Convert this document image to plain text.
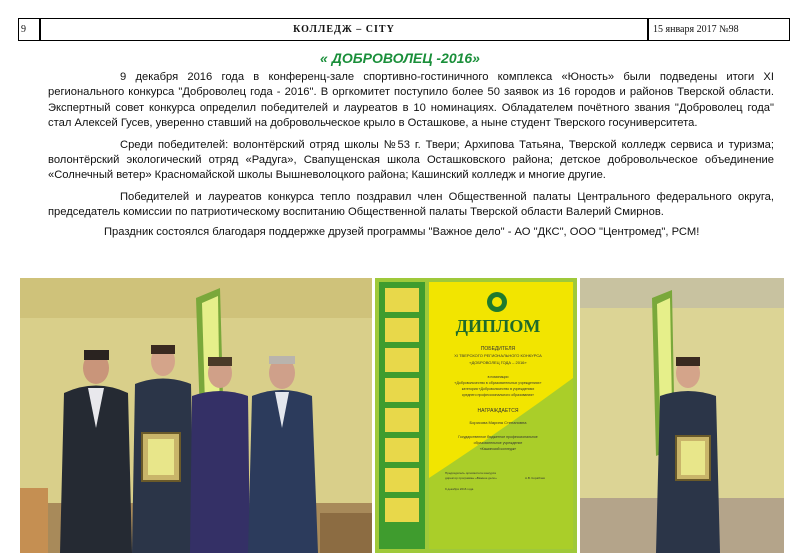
9	КОЛЛЕДЖ – CITY	15 января 2017 №98
« ДОБРОВОЛЕЦ -2016»

9 декабря 2016 года в конференц-зале спортивно-гостиничного комплекса «Юность» были подведены итоги XI регионального конкурса "Доброволец года - 2016". В оргкомитет поступило более 50 заявок из 16 городов и районов Тверской области. Экспертный совет конкурса определил победителей и лауреатов в 10 номинациях. Обладателем почётного звания "Доброволец года" стал Алексей Гусев, уверенно ставший на добровольческое крыло в Осташкове, а ныне студент Тверского госуниверситета.

Среди победителей: волонтёрский отряд школы №53 г. Твери; Архипова Татьяна, Тверской колледж сервиса и туризма; волонтёрский экологический отряд «Радуга», Свапущенская школа Осташковского района; детское добровольческое объединение «Солнечный ветер» Красномайской школы Вышневолоцкого района; Кашинский колледж и многие другие.

Победителей и лауреатов конкурса тепло поздравил член Общественной палаты Центрального федерального округа, председатель комиссии по патриотическому воспитанию Общественной палаты Тверской области Валерий Смирнов.

Праздник состоялся благодаря поддержке друзей программы "Важное дело" - АО "ДКС", ООО "Центромед", РСМ!

ДИПЛОМ
ПОБЕДИТЕЛЯ
XI ТВЕРСКОГО РЕГИОНАЛЬНОГО КОНКУРСА
«ДОБРОВОЛЕЦ ГОДА – 2016»
в номинации
«Добровольчество в образовательных учреждениях»
категория «Добровольчество в учреждениях
среднего профессионального образования»
НАГРАЖДАЕТСЯ
Борисова Марина Степановна
Государственное бюджетное профессиональное
образовательное учреждение
«Кашинский колледж»
Председатель оргкомитета конкурса
директор программы «Важное дело»	А.В. Кораблев
9 декабря 2016 года
